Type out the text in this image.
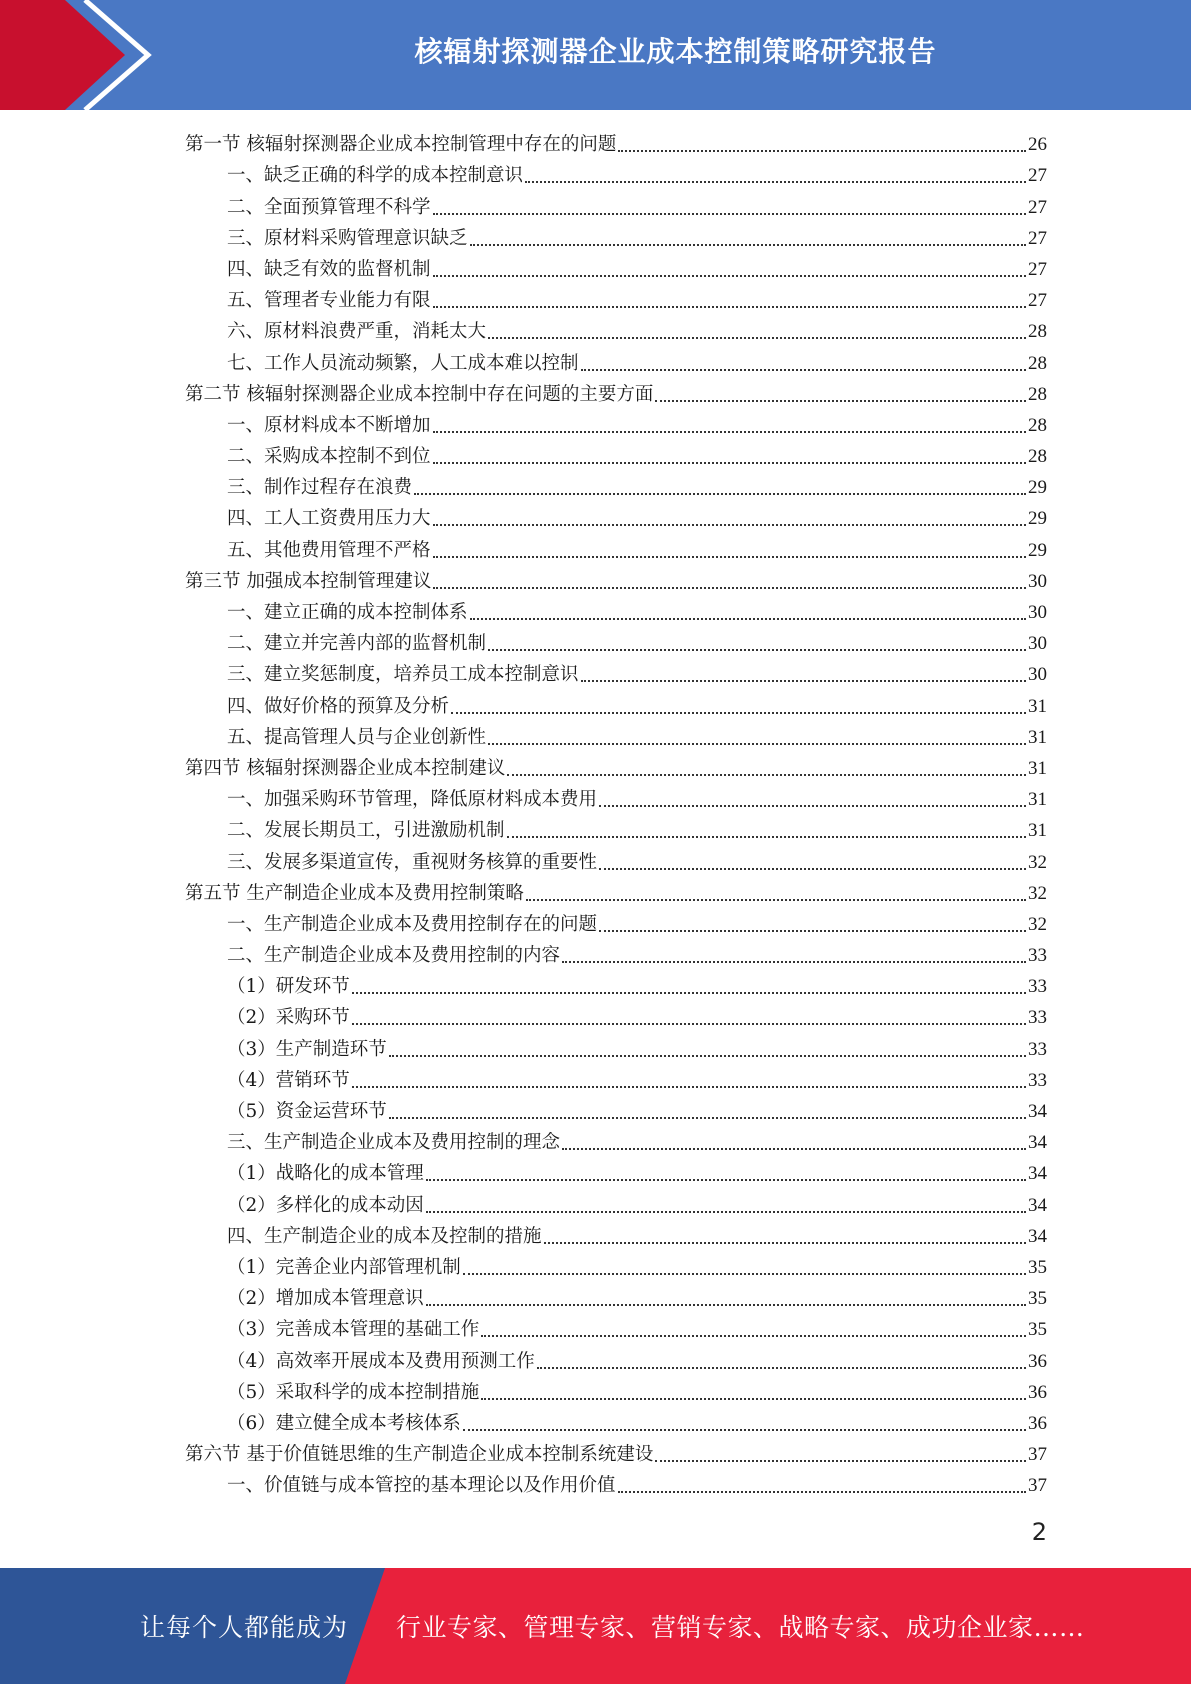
核辐射探测器企业成本控制策略研究报告
第一节 核辐射探测器企业成本控制管理中存在的问题	26
一、缺乏正确的科学的成本控制意识	27
二、全面预算管理不科学	27
三、原材料采购管理意识缺乏	27
四、缺乏有效的监督机制	27
五、管理者专业能力有限	27
六、原材料浪费严重，消耗太大	28
七、工作人员流动频繁，人工成本难以控制	28
第二节 核辐射探测器企业成本控制中存在问题的主要方面	28
一、原材料成本不断增加	28
二、采购成本控制不到位	28
三、制作过程存在浪费	29
四、工人工资费用压力大	29
五、其他费用管理不严格	29
第三节 加强成本控制管理建议	30
一、建立正确的成本控制体系	30
二、建立并完善内部的监督机制	30
三、建立奖惩制度，培养员工成本控制意识	30
四、做好价格的预算及分析	31
五、提高管理人员与企业创新性	31
第四节 核辐射探测器企业成本控制建议	31
一、加强采购环节管理，降低原材料成本费用	31
二、发展长期员工，引进激励机制	31
三、发展多渠道宣传，重视财务核算的重要性	32
第五节 生产制造企业成本及费用控制策略	32
一、生产制造企业成本及费用控制存在的问题	32
二、生产制造企业成本及费用控制的内容	33
（1）研发环节	33
（2）采购环节	33
（3）生产制造环节	33
（4）营销环节	33
（5）资金运营环节	34
三、生产制造企业成本及费用控制的理念	34
（1）战略化的成本管理	34
（2）多样化的成本动因	34
四、生产制造企业的成本及控制的措施	34
（1）完善企业内部管理机制	35
（2）增加成本管理意识	35
（3）完善成本管理的基础工作	35
（4）高效率开展成本及费用预测工作	36
（5）采取科学的成本控制措施	36
（6）建立健全成本考核体系	36
第六节 基于价值链思维的生产制造企业成本控制系统建设	37
一、价值链与成本管控的基本理论以及作用价值	37
2
让每个人都能成为 行业专家、管理专家、营销专家、战略专家、成功企业家……
